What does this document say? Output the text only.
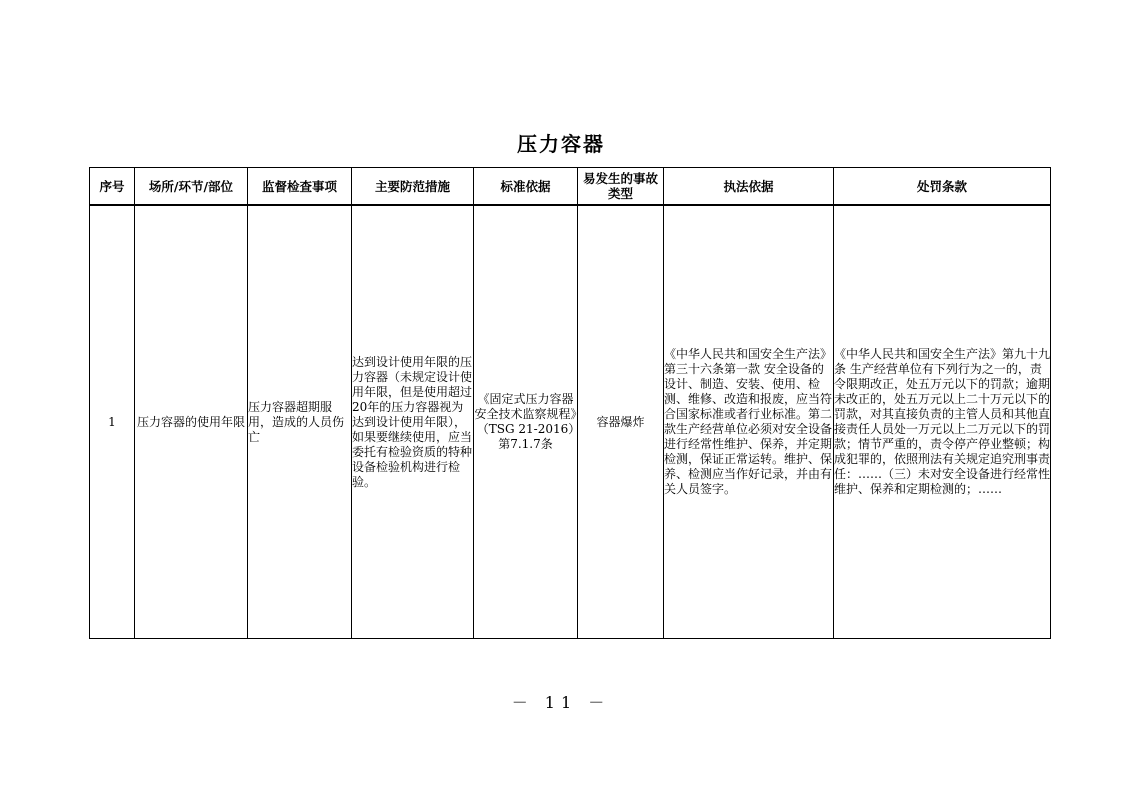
压力容器
序号	场所/环节/部位	监督检查事项	主要防范措施	标准依据	易发生的事故类型	执法依据	处罚条款
1	压力容器的使用年限	压力容器超期服用，造成的人员伤亡	达到设计使用年限的压力容器（未规定设计使用年限，但是使用超过20年的压力容器视为达到设计使用年限），如果要继续使用，应当委托有检验资质的特种设备检验机构进行检验。	《固定式压力容器安全技术监察规程》（TSG 21-2016）第7.1.7条	容器爆炸	《中华人民共和国安全生产法》第三十六条第一款 安全设备的设计、制造、安装、使用、检测、维修、改造和报废，应当符合国家标准或者行业标准。第二款生产经营单位必须对安全设备进行经常性维护、保养，并定期检测，保证正常运转。维护、保养、检测应当作好记录，并由有关人员签字。	《中华人民共和国安全生产法》第九十九条 生产经营单位有下列行为之一的，责令限期改正，处五万元以下的罚款；逾期未改正的，处五万元以上二十万元以下的罚款，对其直接负责的主管人员和其他直接责任人员处一万元以上二万元以下的罚款；情节严重的，责令停产停业整顿；构成犯罪的，依照刑法有关规定追究刑事责任：……（三）未对安全设备进行经常性维护、保养和定期检测的；……
－ 11 －
